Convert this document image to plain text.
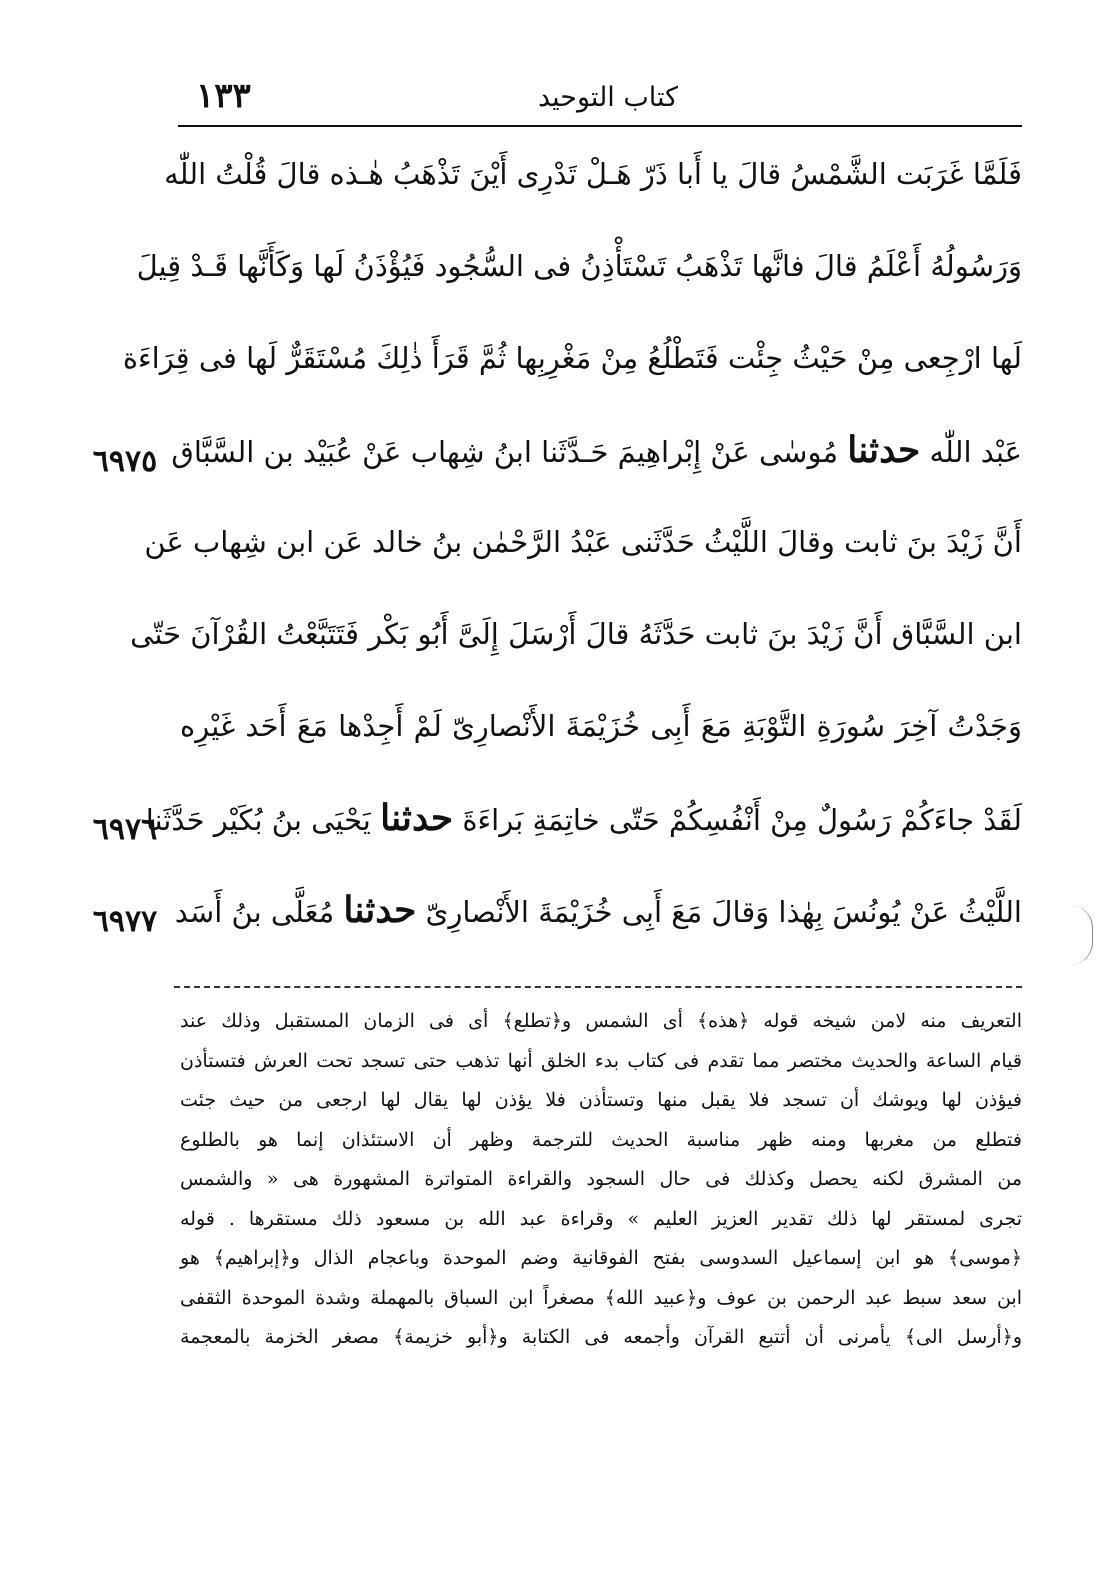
١٣٣	كتاب التوحيد
فَلَمَّا غَرَبَت الشَّمْسُ قالَ يا أَبا ذَرّ هَـلْ تَدْرِى أَيْنَ تَذْهَبُ هٰـذه قالَ قُلْتُ اللّٰه
وَرَسُولُهُ أَعْلَمُ قالَ فانَّها تَذْهَبُ تَسْتَأْذِنُ فى السُّجُود فَيُؤْذَنُ لَها وَكَأَنَّها قَـدْ قِيلَ
لَها ارْجِعى مِنْ حَيْثُ جِئْت فَتَطْلُعُ مِنْ مَغْرِبِها ثُمَّ قَرَأَ ذٰلِكَ مُسْتَقَرٌّ لَها فى قِرَاءَة
عَبْد اللّٰه حدثنا مُوسٰى عَنْ إِبْراهِيمَ حَـدَّثَنا ابنُ شِهاب عَنْ عُبَيْد بن السَّبَّاق
أَنَّ زَيْدَ بنَ ثابت وقالَ اللَّيْثُ حَدَّثَنى عَبْدُ الرَّحْمٰن بنُ خالد عَن ابن شِهاب عَن
ابن السَّبَّاق أَنَّ زَيْدَ بنَ ثابت حَدَّثَهُ قالَ أَرْسَلَ إِلَىَّ أَبُو بَكْر فَتَتَبَّعْتُ القُرْآنَ حَتّى
وَجَدْتُ آخِرَ سُورَةِ التَّوْبَةِ مَعَ أَبِى خُزَيْمَةَ الأَنْصارِىّ لَمْ أَجِدْها مَعَ أَحَد غَيْرِه
لَقَدْ جاءَكُمْ رَسُولٌ مِنْ أَنْفُسِكُمْ حَتّى خاتِمَةِ بَراءَةَ حدثنا يَحْيَى بنُ بُكَيْر حَدَّثَنا
اللَّيْثُ عَنْ يُونُسَ بِهٰذا وَقالَ مَعَ أَبِى خُزَيْمَةَ الأَنْصارِىّ حدثنا مُعَلَّى بنُ أَسَد
٦٩٧٥
٦٩٧٦
٦٩٧٧
التعريف منه لامن شيخه قوله ﴿هذه﴾ أى الشمس و﴿تطلع﴾ أى فى الزمان المستقبل وذلك عند
قيام الساعة والحديث مختصر مما تقدم فى كتاب بدء الخلق أنها تذهب حتى تسجد تحت العرش فتستأذن
فيؤذن لها ويوشك أن تسجد فلا يقبل منها وتستأذن فلا يؤذن لها يقال لها ارجعى من حيث جئت
فتطلع من مغربها ومنه ظهر مناسبة الحديث للترجمة وظهر أن الاستئذان إنما هو بالطلوع
من المشرق لكنه يحصل وكذلك فى حال السجود والقراءة المتواترة المشهورة هى « والشمس
تجرى لمستقر لها ذلك تقدير العزيز العليم » وقراءة عبد الله بن مسعود ذلك مستقرها . قوله
﴿موسى﴾ هو ابن إسماعيل السدوسى بفتح الفوقانية وضم الموحدة وباعجام الذال و﴿إبراهيم﴾ هو
ابن سعد سبط عبد الرحمن بن عوف و﴿عبيد الله﴾ مصغراً ابن السباق بالمهملة وشدة الموحدة الثقفى
و﴿أرسل الى﴾ يأمرنى أن أتتبع القرآن وأجمعه فى الكتابة و﴿أبو خزيمة﴾ مصغر الخزمة بالمعجمة
